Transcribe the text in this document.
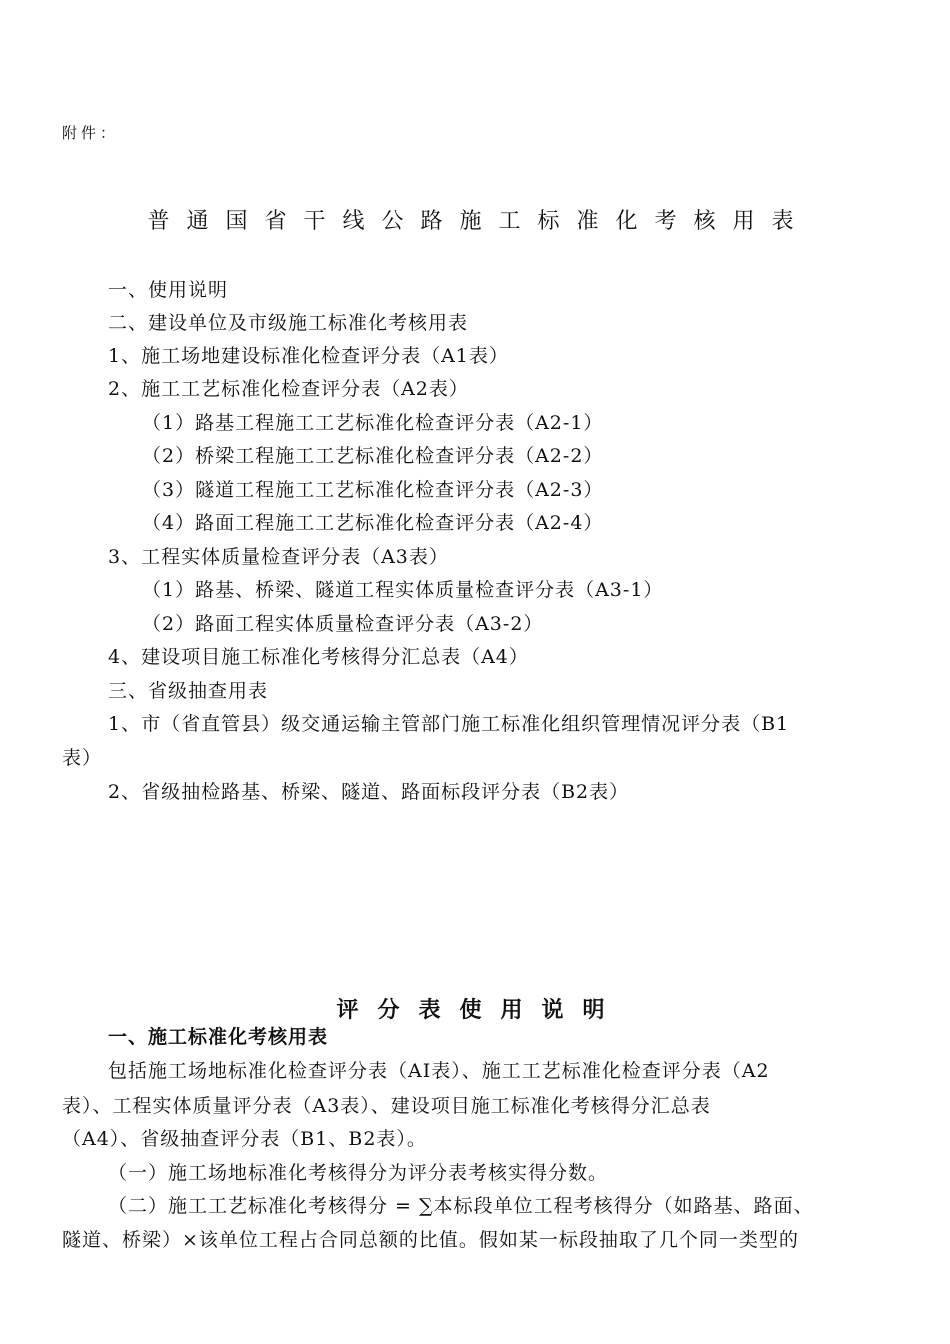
附件：
普通国省干线公路施工标准化考核用表
一、使用说明
二、建设单位及市级施工标准化考核用表
1、施工场地建设标准化检查评分表（A1表）
2、施工工艺标准化检查评分表（A2表）
（1）路基工程施工工艺标准化检查评分表（A2-1）
（2）桥梁工程施工工艺标准化检查评分表（A2-2）
（3）隧道工程施工工艺标准化检查评分表（A2-3）
（4）路面工程施工工艺标准化检查评分表（A2-4）
3、工程实体质量检查评分表（A3表）
（1）路基、桥梁、隧道工程实体质量检查评分表（A3-1）
（2）路面工程实体质量检查评分表（A3-2）
4、建设项目施工标准化考核得分汇总表（A4）
三、省级抽查用表
1、市（省直管县）级交通运输主管部门施工标准化组织管理情况评分表（B1
表）
2、省级抽检路基、桥梁、隧道、路面标段评分表（B2表）
评分表使用说明
一、施工标准化考核用表
包括施工场地标准化检查评分表（AⅠ表）、施工工艺标准化检查评分表（A2
表）、工程实体质量评分表（A3表）、建设项目施工标准化考核得分汇总表
（A4）、省级抽查评分表（B1、B2表）。
（一）施工场地标准化考核得分为评分表考核实得分数。
（二）施工工艺标准化考核得分 = ∑本标段单位工程考核得分（如路基、路面、
隧道、桥梁）×该单位工程占合同总额的比值。假如某一标段抽取了几个同一类型的
